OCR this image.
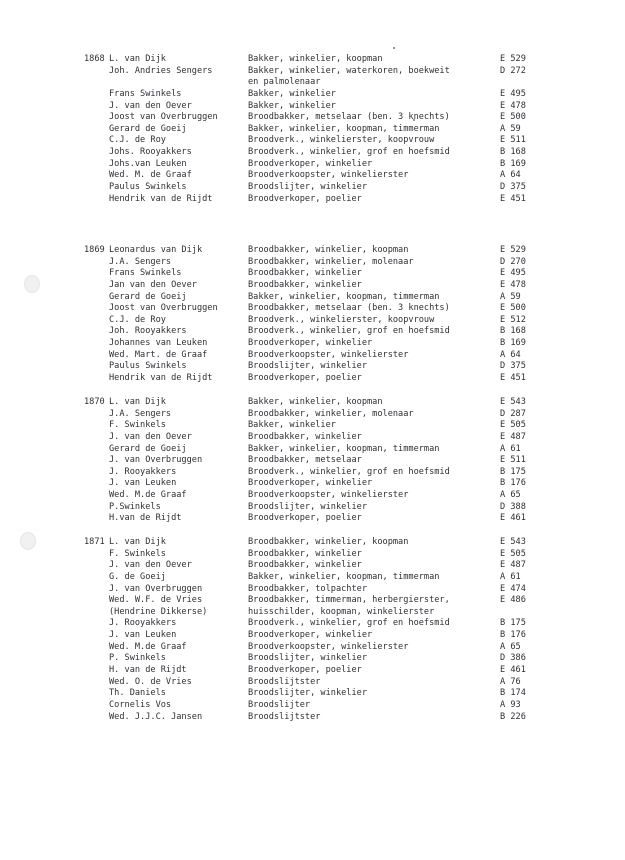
1868 L. van Dijk	Bakker, winkelier, koopman	E 529
Joh. Andries Sengers	Bakker, winkelier, waterkoren, boekweit	D 272
en palmolenaar
Frans Swinkels	Bakker, winkelier	E 495
J. van den Oever	Bakker, winkelier	E 478
Joost van Overbruggen	Broodbakker, metselaar (ben. 3 knechts)	E 500
Gerard de Goeij	Bakker, winkelier, koopman, timmerman	A 59
C.J. de Roy	Broodverk., winkelierster, koopvrouw	E 511
Johs. Rooyakkers	Broodverk., winkelier, grof en hoefsmid	B 168
Johs.van Leuken	Broodverkoper, winkelier	B 169
Wed. M. de Graaf	Broodverkoopster, winkelierster	A 64
Paulus Swinkels	Broodslijter, winkelier	D 375
Hendrik van de Rijdt	Broodverkoper, poelier	E 451
1869 Leonardus van Dijk	Broodbakker, winkelier, koopman	E 529
J.A. Sengers	Broodbakker, winkelier, molenaar	D 270
Frans Swinkels	Broodbakker, winkelier	E 495
Jan van den Oever	Broodbakker, winkelier	E 478
Gerard de Goeij	Bakker, winkelier, koopman, timmerman	A 59
Joost van Overbruggen	Broodbakker, metselaar (ben. 3 knechts)	E 500
C.J. de Roy	Broodverk., winkelierster, koopvrouw	E 512
Joh. Rooyakkers	Broodverk., winkelier, grof en hoefsmid	B 168
Johannes van Leuken	Broodverkoper, winkelier	B 169
Wed. Mart. de Graaf	Broodverkoopster, winkelierster	A 64
Paulus Swinkels	Broodslijter, winkelier	D 375
Hendrik van de Rijdt	Broodverkoper, poelier	E 451
1870 L. van Dijk	Bakker, winkelier, koopman	E 543
J.A. Sengers	Broodbakker, winkelier, molenaar	D 287
F. Swinkels	Bakker, winkelier	E 505
J. van den Oever	Broodbakker, winkelier	E 487
Gerard de Goeij	Bakker, winkelier, koopman, timmerman	A 61
J. van Overbruggen	Broodbakker, metselaar	E 511
J. Rooyakkers	Broodverk., winkelier, grof en hoefsmid	B 175
J. van Leuken	Broodverkoper, winkelier	B 176
Wed. M.de Graaf	Broodverkoopster, winkelierster	A 65
P.Swinkels	Broodslijter, winkelier	D 388
H.van de Rijdt	Broodverkoper, poelier	E 461
1871 L. van Dijk	Broodbakker, winkelier, koopman	E 543
F. Swinkels	Broodbakker, winkelier	E 505
J. van den Oever	Broodbakker, winkelier	E 487
G. de Goeij	Bakker, winkelier, koopman, timmerman	A 61
J. van Overbruggen	Broodbakker, tolpachter	E 474
Wed. W.F. de Vries	Broodbakker, timmerman, herbergierster,	E 486
(Hendrine Dikkerse)	huisschilder, koopman, winkelierster
J. Rooyakkers	Broodverk., winkelier, grof en hoefsmid	B 175
J. van Leuken	Broodverkoper, winkelier	B 176
Wed. M.de Graaf	Broodverkoopster, winkelierster	A 65
P. Swinkels	Broodslijter, winkelier	D 386
H. van de Rijdt	Broodverkoper, poelier	E 461
Wed. O. de Vries	Broodslijtster	A 76
Th. Daniels	Broodslijter, winkelier	B 174
Cornelis Vos	Broodslijter	A 93
Wed. J.J.C. Jansen	Broodslijtster	B 226
